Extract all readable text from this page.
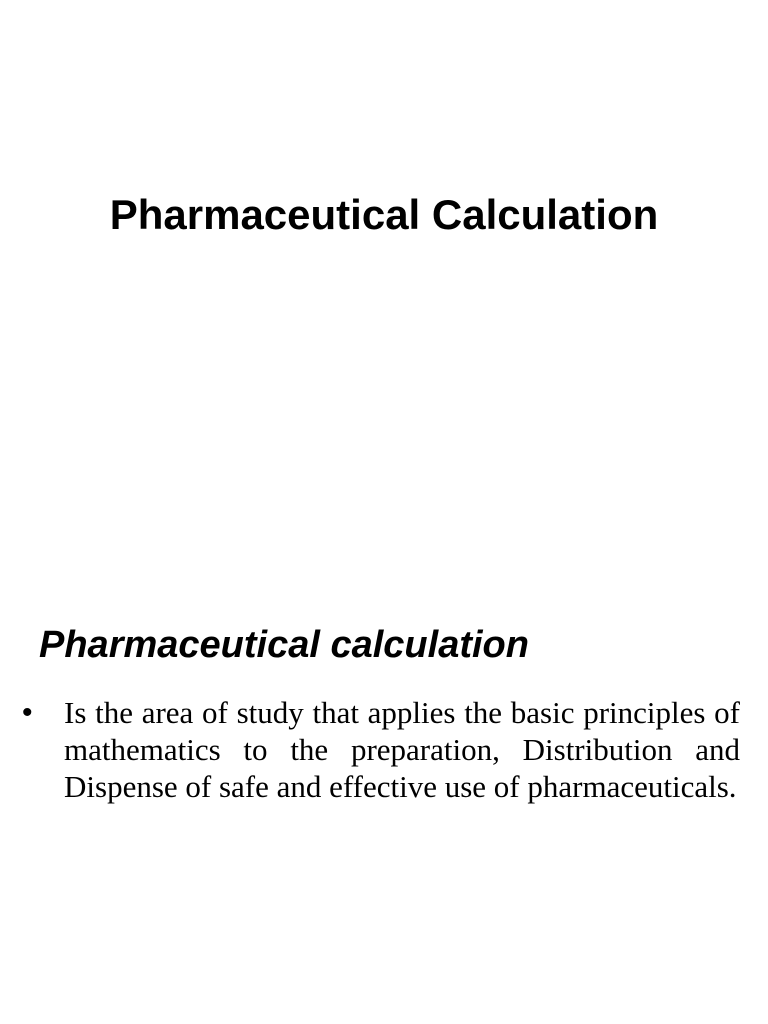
Pharmaceutical Calculation
Pharmaceutical calculation
•	Is the area of study that applies the basic principles of mathematics to the preparation, Distribution and Dispense of safe and effective use of pharmaceuticals.
